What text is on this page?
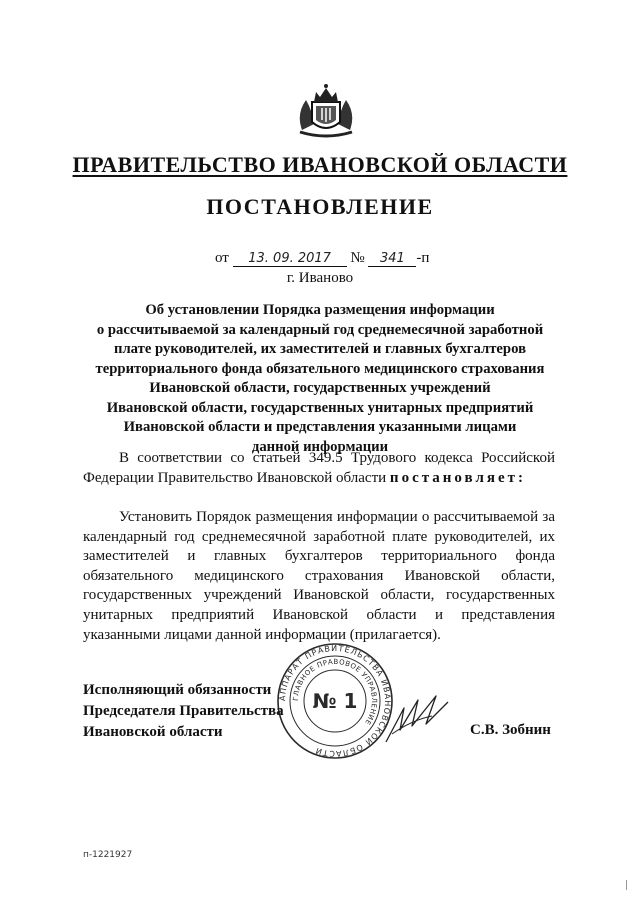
ПРАВИТЕЛЬСТВО ИВАНОВСКОЙ ОБЛАСТИ
ПОСТАНОВЛЕНИЕ
от 13. 09. 2017 № 341 -п
г. Иваново
Об установлении Порядка размещения информации
о рассчитываемой за календарный год среднемесячной заработной
плате руководителей, их заместителей и главных бухгалтеров
территориального фонда обязательного медицинского страхования
Ивановской области, государственных учреждений
Ивановской области, государственных унитарных предприятий
Ивановской области и представления указанными лицами
данной информации
В соответствии со статьей 349.5 Трудового кодекса Российской Федерации Правительство Ивановской области постановляет:
Установить Порядок размещения информации о рассчитываемой за календарный год среднемесячной заработной плате руководителей, их заместителей и главных бухгалтеров территориального фонда обязательного медицинского страхования Ивановской области, государственных учреждений Ивановской области, государственных унитарных предприятий Ивановской области и представления указанными лицами данной информации (прилагается).
АППАРАТ ПРАВИТЕЛЬСТВА ИВАНОВСКОЙ ОБЛАСТИ
ГЛАВНОЕ ПРАВОВОЕ УПРАВЛЕНИЕ
№ 1
Исполняющий обязанности
Председателя Правительства
Ивановской области	С.В. Зобнин
п-1221927
